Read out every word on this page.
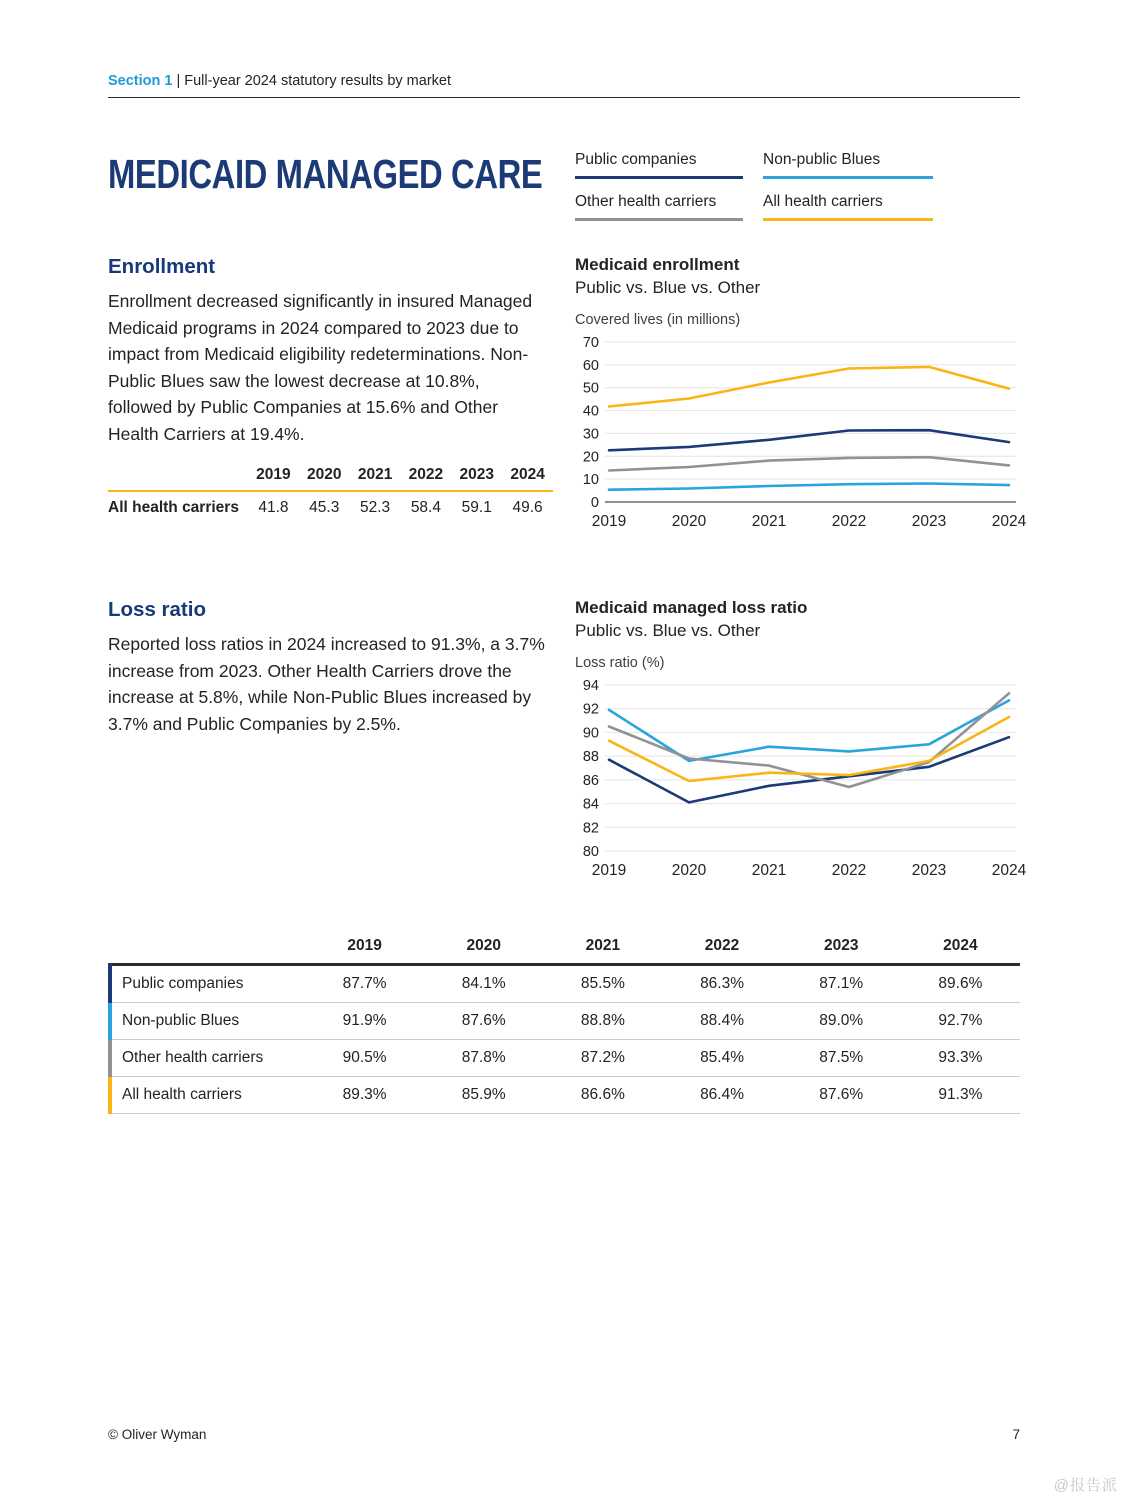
Section 1 | Full-year 2024 statutory results by market
MEDICAID MANAGED CARE	Public companies	Non-public Blues
Other health carriers	All health carriers
Enrollment
Enrollment decreased significantly in insured Managed Medicaid programs in 2024 compared to 2023 due to impact from Medicaid eligibility redeterminations. Non-Public Blues saw the lowest decrease at 10.8%, followed by Public Companies at 15.6% and Other Health Carriers at 19.4%.
	2019	2020	2021	2022	2023	2024
All health carriers	41.8	45.3	52.3	58.4	59.1	49.6
Medicaid enrollment
Public vs. Blue vs. Other
Covered lives (in millions)
0
10
20
30
40
50
60
70
2019	2020	2021	2022	2023	2024
Loss ratio
Reported loss ratios in 2024 increased to 91.3%, a 3.7% increase from 2023. Other Health Carriers drove the increase at 5.8%, while Non-Public Blues increased by 3.7% and Public Companies by 2.5%.
Medicaid managed loss ratio
Public vs. Blue vs. Other
Loss ratio (%)
80
82
84
86
88
90
92
94
2019	2020	2021	2022	2023	2024
	2019	2020	2021	2022	2023	2024
Public companies	87.7%	84.1%	85.5%	86.3%	87.1%	89.6%
Non-public Blues	91.9%	87.6%	88.8%	88.4%	89.0%	92.7%
Other health carriers	90.5%	87.8%	87.2%	85.4%	87.5%	93.3%
All health carriers	89.3%	85.9%	86.6%	86.4%	87.6%	91.3%
© Oliver Wyman	7
@报告派
